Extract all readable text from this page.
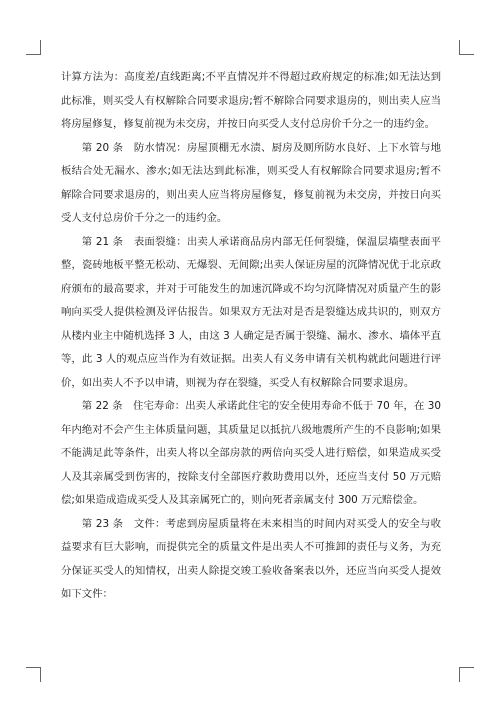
计算方法为：高度差/直线距离;不平直情况并不得超过政府规定的标准;如无法达到此标准，则买受人有权解除合同要求退房;暂不解除合同要求退房的，则出卖人应当将房屋修复，修复前视为未交房，并按日向买受人支付总房价千分之一的违约金。

第 20 条　防水情况：房屋顶棚无水渍、厨房及厕所防水良好、上下水管与地板结合处无漏水、渗水;如无法达到此标准，则买受人有权解除合同要求退房;暂不解除合同要求退房的，则出卖人应当将房屋修复，修复前视为未交房，并按日向买受人支付总房价千分之一的违约金。

第 21 条　表面裂缝：出卖人承诺商品房内部无任何裂缝，保温层墙壁表面平整，瓷砖地板平整无松动、无爆裂、无间隙;出卖人保证房屋的沉降情况优于北京政府颁布的最高要求，并对于可能发生的加速沉降或不均匀沉降情况对质量产生的影响向买受人提供检测及评估报告。如果双方无法对是否是裂缝达成共识的，则双方从楼内业主中随机选择 3 人，由这 3 人确定是否属于裂缝、漏水、渗水、墙体平直等，此 3 人的观点应当作为有效证据。出卖人有义务申请有关机构就此问题进行评价，如出卖人不予以申请，则视为存在裂缝，买受人有权解除合同要求退房。

第 22 条　住宅寿命：出卖人承诺此住宅的安全使用寿命不低于 70 年，在 30 年内绝对不会产生主体质量问题，其质量足以抵抗八级地震所产生的不良影响;如果不能满足此等条件，出卖人将以全部房款的两倍向买受人进行赔偿，如果造成买受人及其亲属受到伤害的，按除支付全部医疗救助费用以外，还应当支付 50 万元赔偿;如果造成造成买受人及其亲属死亡的，则向死者亲属支付 300 万元赔偿金。

第 23 条　文件：考虑到房屋质量将在未来相当的时间内对买受人的安全与收益要求有巨大影响，而提供完全的质量文件是出卖人不可推卸的责任与义务，为充分保证买受人的知情权，出卖人除提交竣工验收备案表以外，还应当向买受人提效如下文件：
